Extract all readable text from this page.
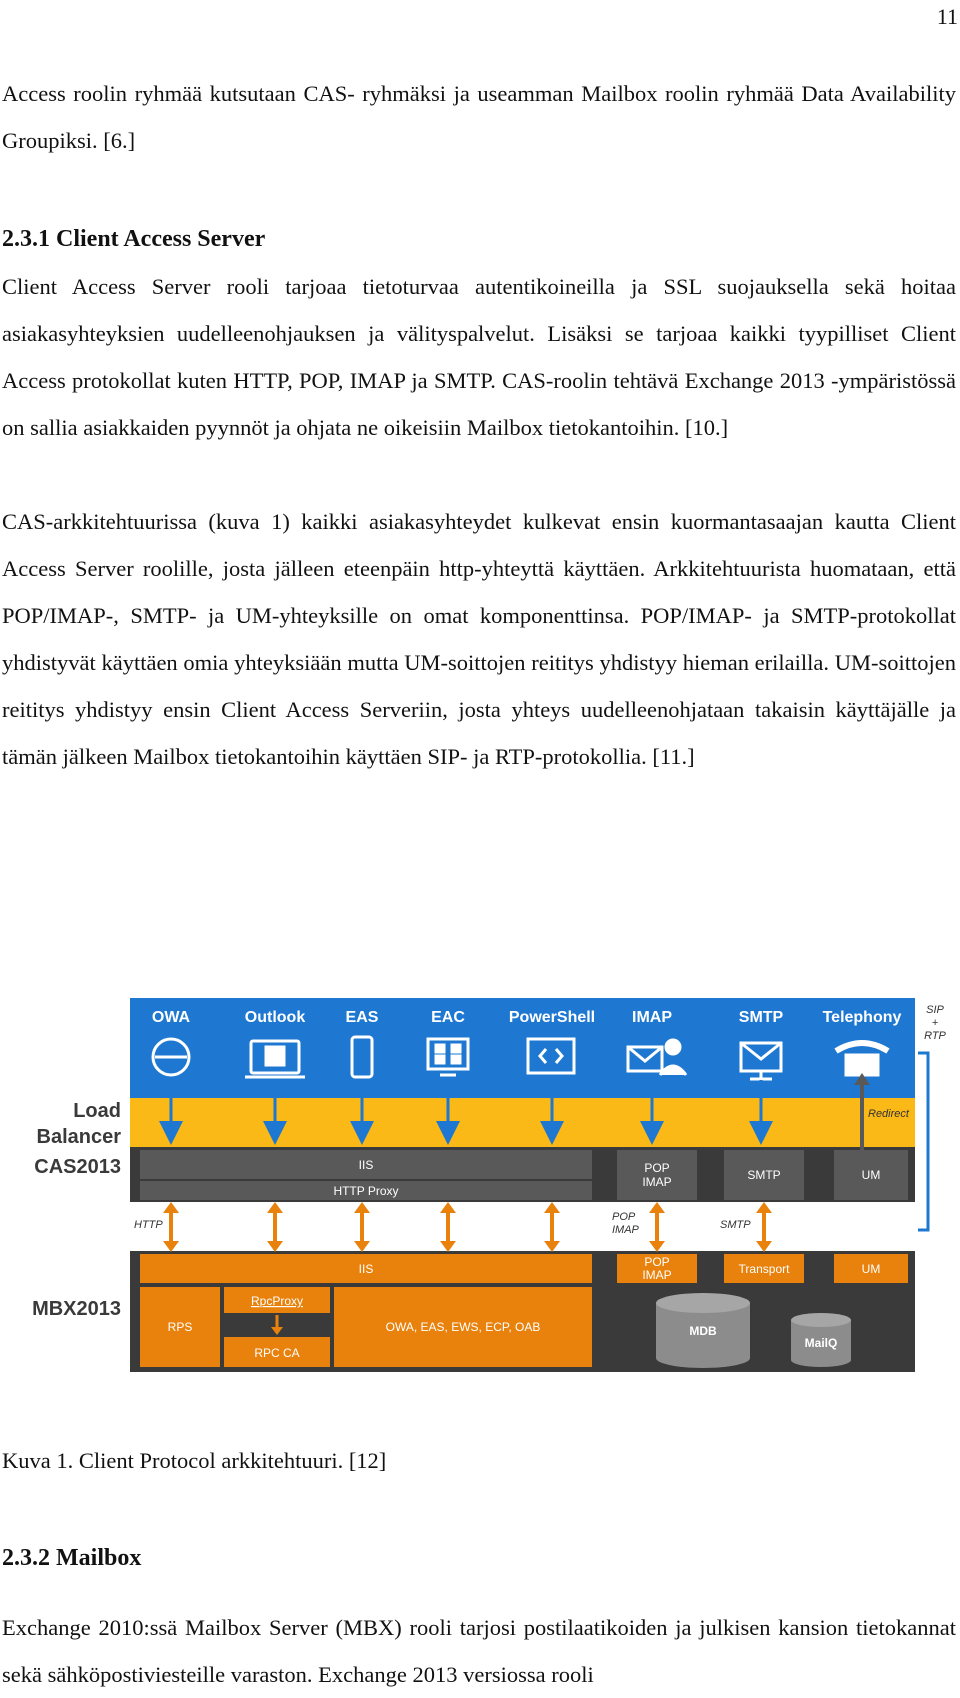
11

Access roolin ryhmää kutsutaan CAS- ryhmäksi ja useamman Mailbox roolin ryhmää Data Availability Groupiksi. [6.]

2.3.1 Client Access Server

Client Access Server rooli tarjoaa tietoturvaa autentikoineilla ja SSL suojauksella sekä hoitaa asiakasyhteyksien uudelleenohjauksen ja välityspalvelut. Lisäksi se tarjoaa kaikki tyypilliset Client Access protokollat kuten HTTP, POP, IMAP ja SMTP. CAS-roolin tehtävä Exchange 2013 -ympäristössä on sallia asiakkaiden pyynnöt ja ohjata ne oikeisiin Mailbox tietokantoihin. [10.]

CAS-arkkitehtuurissa (kuva 1) kaikki asiakasyhteydet kulkevat ensin kuormantasaajan kautta Client Access Server roolille, josta jälleen eteenpäin http-yhteyttä käyttäen. Arkkitehtuurista huomataan, että POP/IMAP-, SMTP- ja UM-yhteyksille on omat komponenttinsa. POP/IMAP- ja SMTP-protokollat yhdistyvät käyttäen omia yhteyksiään mutta UM-soittojen reititys yhdistyy hieman erilailla. UM-soittojen reititys yhdistyy ensin Client Access Serveriin, josta yhteys uudelleenohjataan takaisin käyttäjälle ja tämän jälkeen Mailbox tietokantoihin käyttäen SIP- ja RTP-protokollia. [11.]

OWA	Outlook	EAS	EAC	PowerShell IMAP	SMTP Telephony SIP
+
RTP
Redirect
Load
Balancer
CAS2013
MBX2013
IIS
HTTP Proxy
POP
IMAP	SMTP	UM
HTTP
POP
IMAP	SMTP
IIS	POP
IMAP	Transport	UM
RPS
RpcProxy
RPC CA
OWA, EAS, EWS, ECP, OAB	MDB
MailQ
Kuva 1. Client Protocol arkkitehtuuri. [12]
2.3.2 Mailbox

Exchange 2010:ssä Mailbox Server (MBX) rooli tarjosi postilaatikoiden ja julkisen kansion tietokannat sekä sähköpostiviesteille varaston. Exchange 2013 versiossa rooli
